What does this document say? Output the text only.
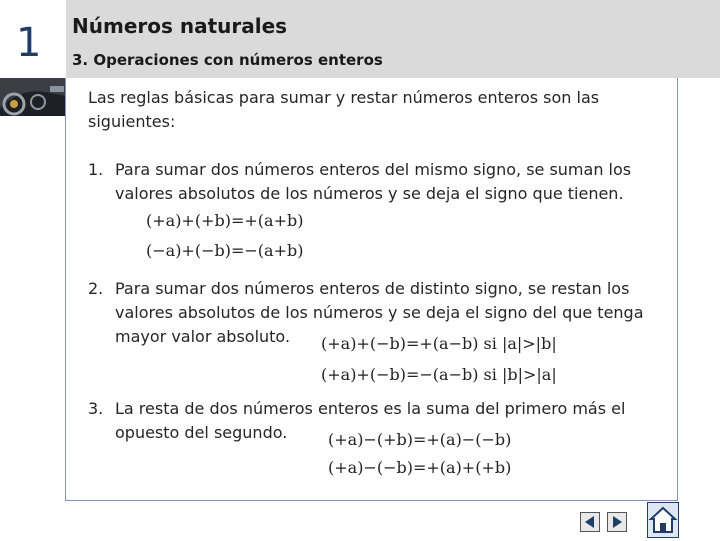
1 Números naturales
3. Operaciones con números enteros
Las reglas básicas para sumar y restar números enteros son las siguientes:
1. Para sumar dos números enteros del mismo signo, se suman los valores absolutos de los números y se deja el signo que tienen.
(+a)+(+b)=+(a+b)
(−a)+(−b)=−(a+b)
2. Para sumar dos números enteros de distinto signo, se restan los valores absolutos de los números y se deja el signo del que tenga mayor valor absoluto.	(+a)+(−b)=+(a−b) si |a|>|b|
(+a)+(−b)=−(a−b) si |b|>|a|
3. La resta de dos números enteros es la suma del primero más el opuesto del segundo.	(+a)−(+b)=+(a)−(−b)
(+a)−(−b)=+(a)+(+b)
